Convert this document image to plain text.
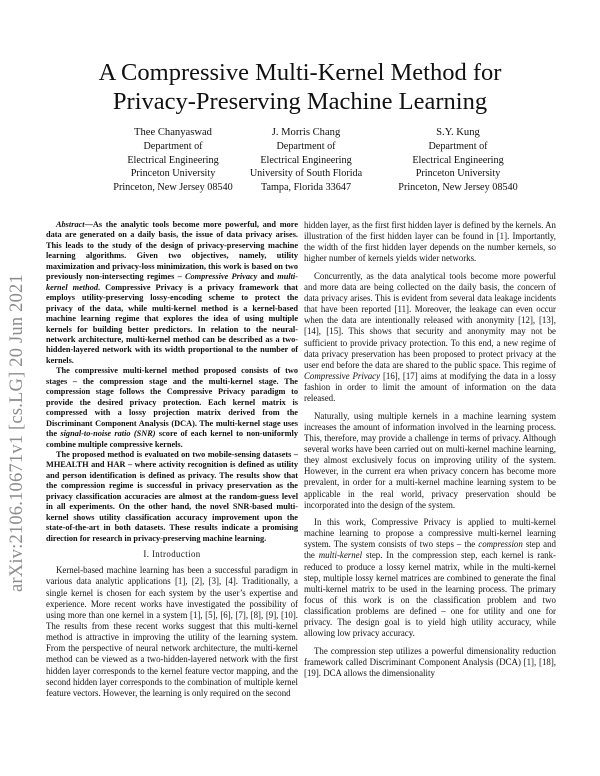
arXiv:2106.10671v1 [cs.LG] 20 Jun 2021
A Compressive Multi-Kernel Method for
Privacy-Preserving Machine Learning
Thee Chanyaswad
Department of
Electrical Engineering
Princeton University
Princeton, New Jersey 08540
J. Morris Chang
Department of
Electrical Engineering
University of South Florida
Tampa, Florida 33647
S.Y. Kung
Department of
Electrical Engineering
Princeton University
Princeton, New Jersey 08540

Abstract—As the analytic tools become more powerful, and more data are generated on a daily basis, the issue of data privacy arises. This leads to the study of the design of privacy-preserving machine learning algorithms. Given two objectives, namely, utility maximization and privacy-loss minimization, this work is based on two previously non-intersecting regimes – Compressive Privacy and multi-kernel method. Compressive Privacy is a privacy framework that employs utility-preserving lossy-encoding scheme to protect the privacy of the data, while multi-kernel method is a kernel-based machine learning regime that explores the idea of using multiple kernels for building better predictors. In relation to the neural-network architecture, multi-kernel method can be described as a two-hidden-layered network with its width proportional to the number of kernels.

The compressive multi-kernel method proposed consists of two stages – the compression stage and the multi-kernel stage. The compression stage follows the Compressive Privacy paradigm to provide the desired privacy protection. Each kernel matrix is compressed with a lossy projection matrix derived from the Discriminant Component Analysis (DCA). The multi-kernel stage uses the signal-to-noise ratio (SNR) score of each kernel to non-uniformly combine multiple compressive kernels.

The proposed method is evaluated on two mobile-sensing datasets – MHEALTH and HAR – where activity recognition is defined as utility and person identification is defined as privacy. The results show that the compression regime is successful in privacy preservation as the privacy classification accuracies are almost at the random-guess level in all experiments. On the other hand, the novel SNR-based multi-kernel shows utility classification accuracy improvement upon the state-of-the-art in both datasets. These results indicate a promising direction for research in privacy-preserving machine learning.

I. Introduction

Kernel-based machine learning has been a successful paradigm in various data analytic applications [1], [2], [3], [4]. Traditionally, a single kernel is chosen for each system by the user’s expertise and experience. More recent works have investigated the possibility of using more than one kernel in a system [1], [5], [6], [7], [8], [9], [10]. The results from these recent works suggest that this multi-kernel method is attractive in improving the utility of the learning system. From the perspective of neural network architecture, the multi-kernel method can be viewed as a two-hidden-layered network with the first hidden layer corresponds to the kernel feature vector mapping, and the second hidden layer corresponds to the combination of multiple kernel feature vectors. However, the learning is only required on the second

hidden layer, as the first first hidden layer is defined by the kernels. An illustration of the first hidden layer can be found in [1]. Importantly, the width of the first hidden layer depends on the number kernels, so higher number of kernels yields wider networks.

Concurrently, as the data analytical tools become more powerful and more data are being collected on the daily basis, the concern of data privacy arises. This is evident from several data leakage incidents that have been reported [11]. Moreover, the leakage can even occur when the data are intentionally released with anonymity [12], [13], [14], [15]. This shows that security and anonymity may not be sufficient to provide privacy protection. To this end, a new regime of data privacy preservation has been proposed to protect privacy at the user end before the data are shared to the public space. This regime of Compressive Privacy [16], [17] aims at modifying the data in a lossy fashion in order to limit the amount of information on the data released.

Naturally, using multiple kernels in a machine learning system increases the amount of information involved in the learning process. This, therefore, may provide a challenge in terms of privacy. Although several works have been carried out on multi-kernel machine learning, they almost exclusively focus on improving utility of the system. However, in the current era when privacy concern has become more prevalent, in order for a multi-kernel machine learning system to be applicable in the real world, privacy preservation should be incorporated into the design of the system.

In this work, Compressive Privacy is applied to multi-kernel machine learning to propose a compressive multi-kernel learning system. The system consists of two steps – the compression step and the multi-kernel step. In the compression step, each kernel is rank-reduced to produce a lossy kernel matrix, while in the multi-kernel step, multiple lossy kernel matrices are combined to generate the final multi-kernel matrix to be used in the learning process. The primary focus of this work is on the classification problem and two classification problems are defined – one for utility and one for privacy. The design goal is to yield high utility accuracy, while allowing low privacy accuracy.

The compression step utilizes a powerful dimensionality reduction framework called Discriminant Component Analysis (DCA) [1], [18], [19]. DCA allows the dimensionality
